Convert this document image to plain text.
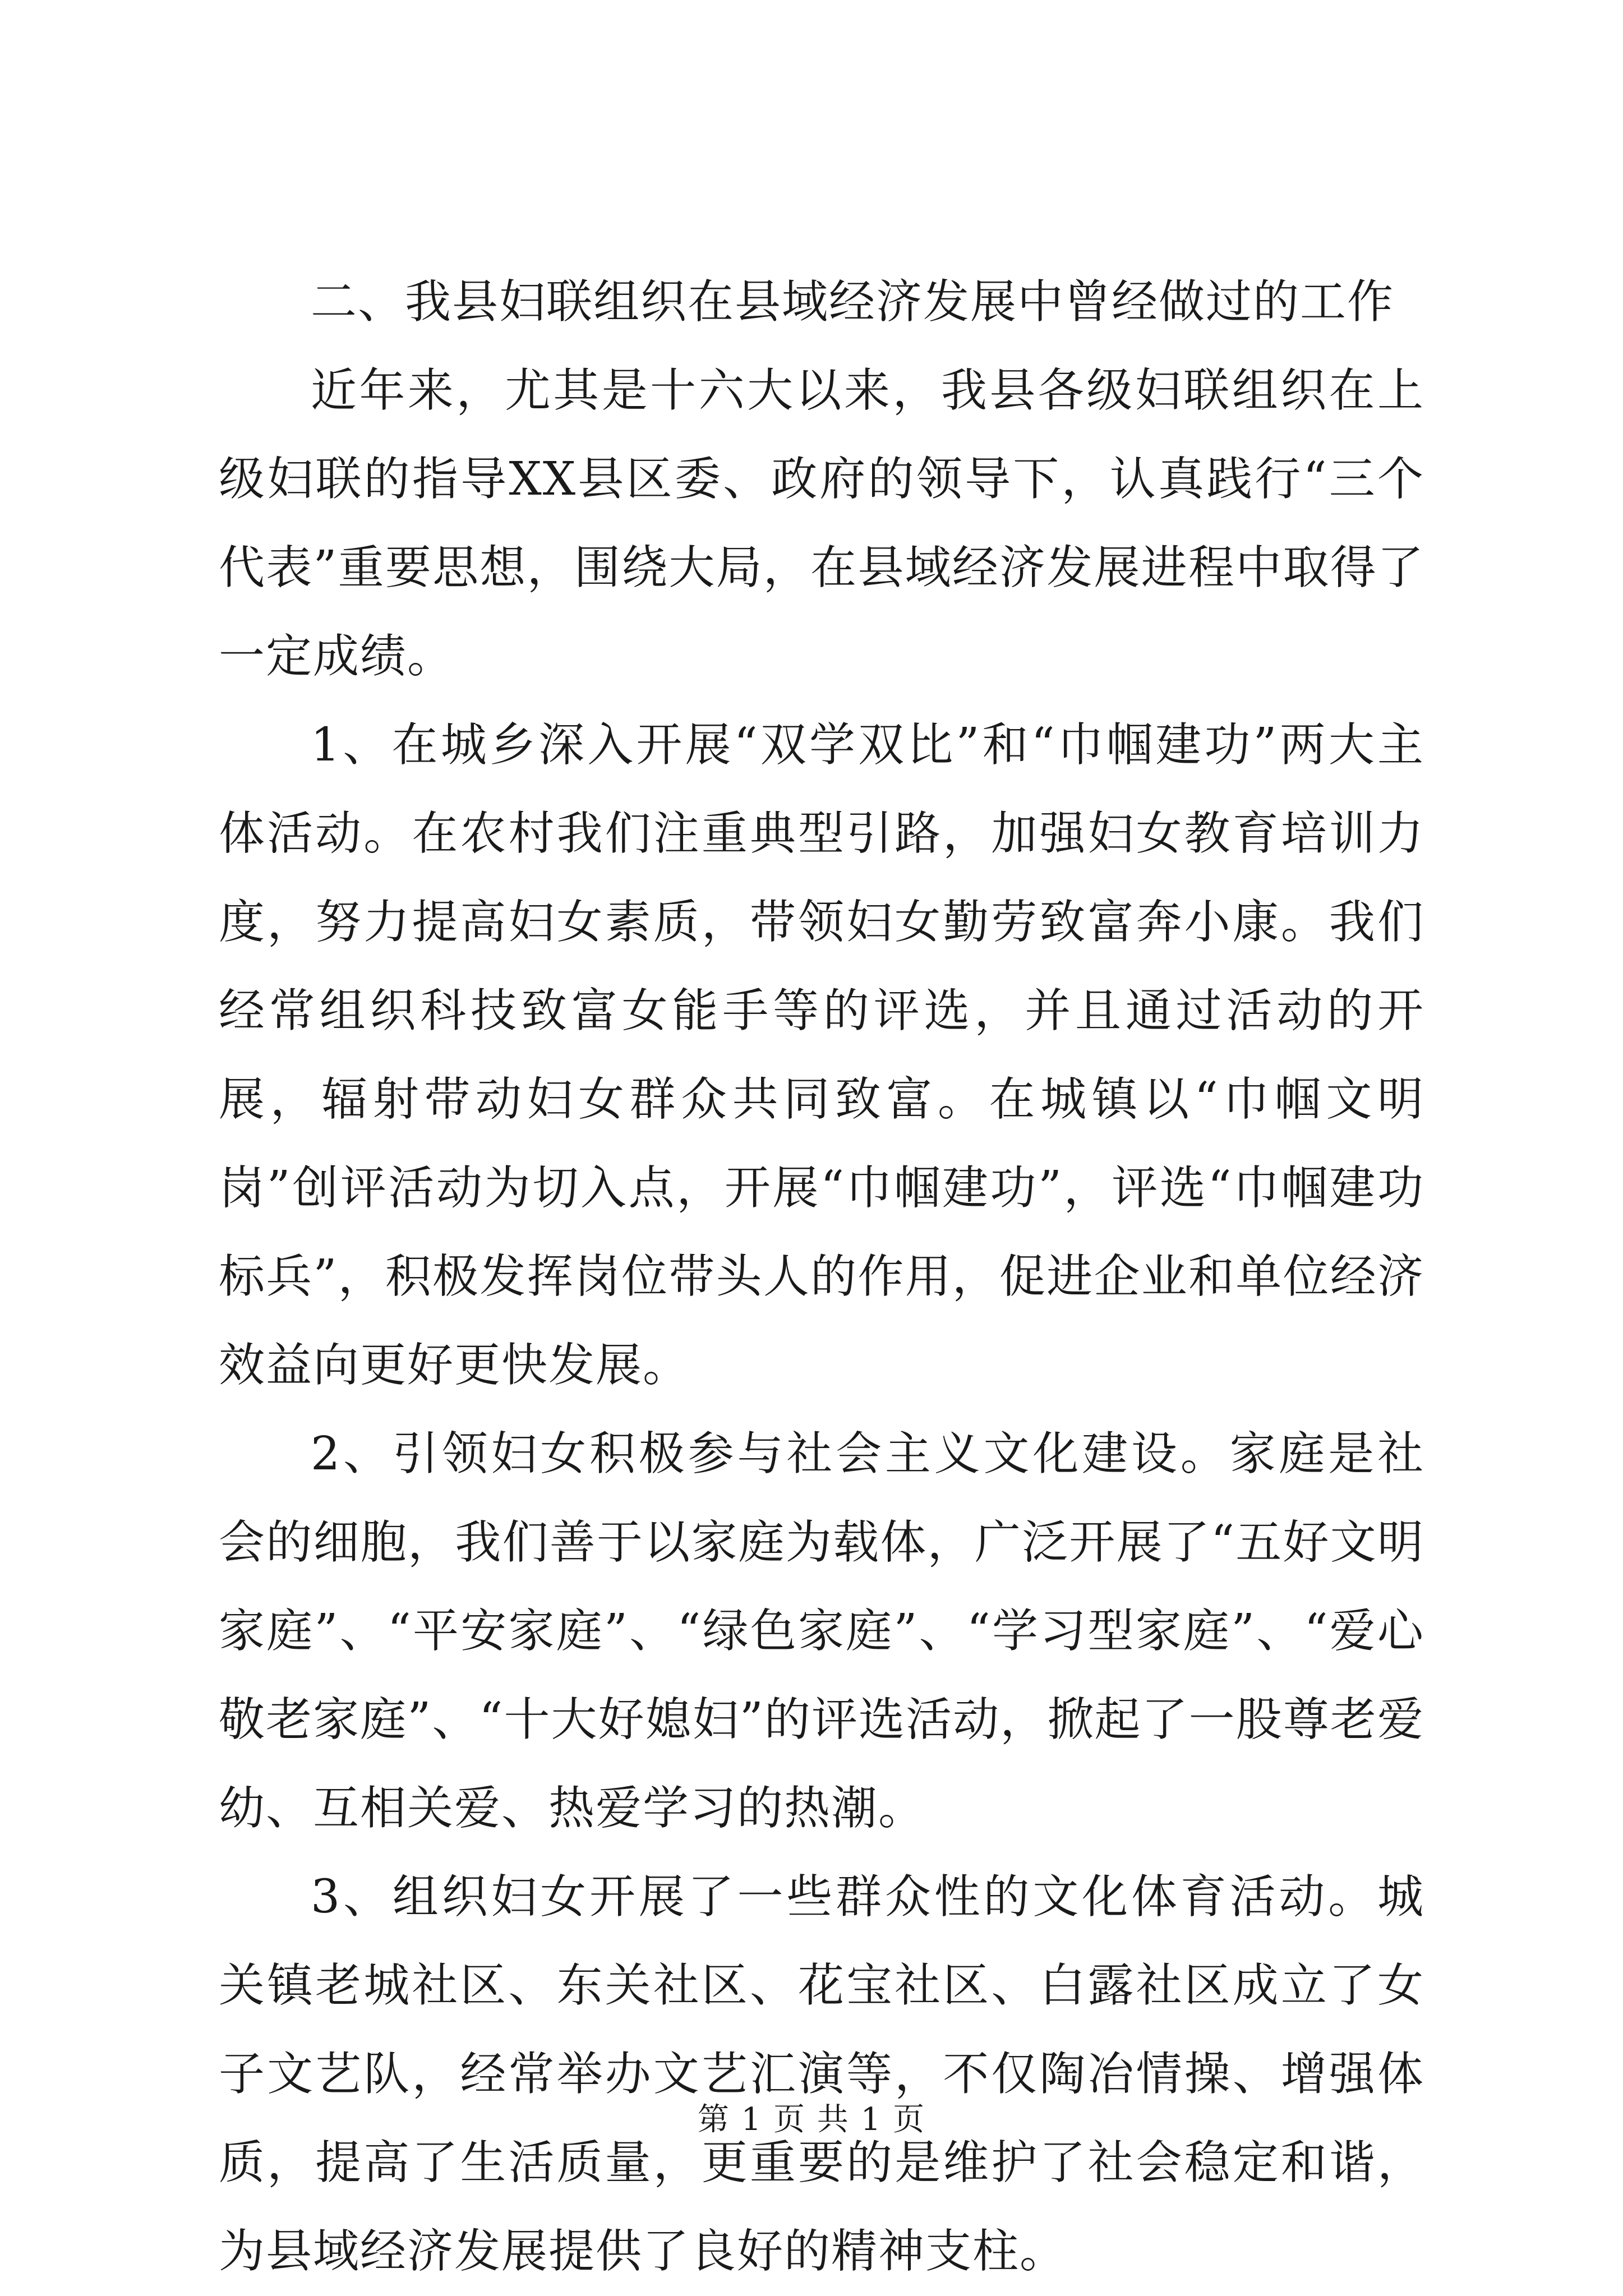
二、我县妇联组织在县域经济发展中曾经做过的工作

近年来，尤其是十六大以来，我县各级妇联组织在上级妇联的指导XX县区委、政府的领导下，认真践行“三个代表”重要思想，围绕大局，在县域经济发展进程中取得了一定成绩。

1、在城乡深入开展“双学双比”和“巾帼建功”两大主体活动。在农村我们注重典型引路，加强妇女教育培训力度，努力提高妇女素质，带领妇女勤劳致富奔小康。我们经常组织科技致富女能手等的评选，并且通过活动的开展，辐射带动妇女群众共同致富。在城镇以“巾帼文明岗”创评活动为切入点，开展“巾帼建功”，评选“巾帼建功标兵”，积极发挥岗位带头人的作用，促进企业和单位经济效益向更好更快发展。

2、引领妇女积极参与社会主义文化建设。家庭是社会的细胞，我们善于以家庭为载体，广泛开展了“五好文明家庭”、“平安家庭”、“绿色家庭”、“学习型家庭”、“爱心敬老家庭”、“十大好媳妇”的评选活动，掀起了一股尊老爱幼、互相关爱、热爱学习的热潮。

3、组织妇女开展了一些群众性的文化体育活动。城关镇老城社区、东关社区、花宝社区、白露社区成立了女子文艺队，经常举办文艺汇演等，不仅陶冶情操、增强体质，提高了生活质量，更重要的是维护了社会稳定和谐，为县域经济发展提供了良好的精神支柱。

第 1 页 共 1 页
